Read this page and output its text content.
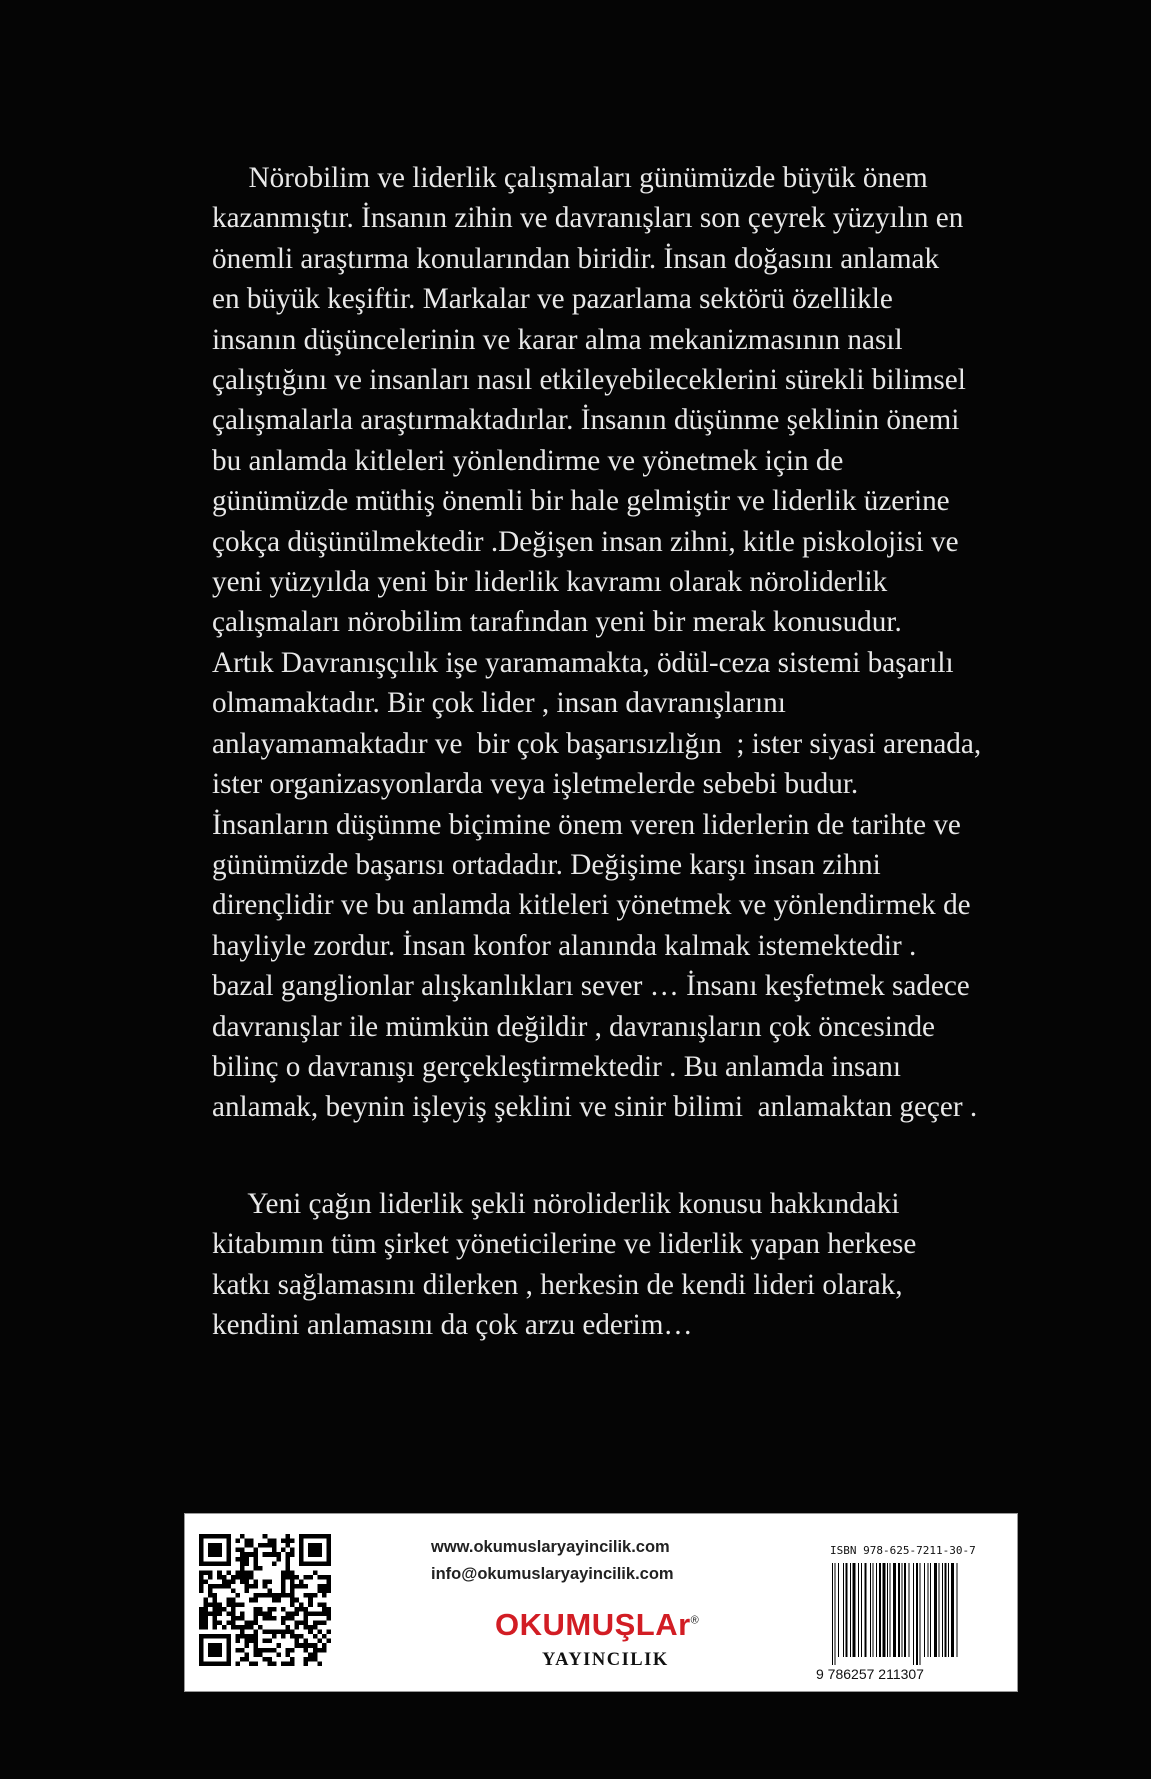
Nörobilim ve liderlik çalışmaları günümüzde büyük önem
kazanmıştır. İnsanın zihin ve davranışları son çeyrek yüzyılın en
önemli araştırma konularından biridir. İnsan doğasını anlamak
en büyük keşiftir. Markalar ve pazarlama sektörü özellikle
insanın düşüncelerinin ve karar alma mekanizmasının nasıl
çalıştığını ve insanları nasıl etkileyebileceklerini sürekli bilimsel
çalışmalarla araştırmaktadırlar. İnsanın düşünme şeklinin önemi
bu anlamda kitleleri yönlendirme ve yönetmek için de
günümüzde müthiş önemli bir hale gelmiştir ve liderlik üzerine
çokça düşünülmektedir .Değişen insan zihni, kitle piskolojisi ve
yeni yüzyılda yeni bir liderlik kavramı olarak nöroliderlik
çalışmaları nörobilim tarafından yeni bir merak konusudur.
Artık Davranışçılık işe yaramamakta, ödül-ceza sistemi başarılı
olmamaktadır. Bir çok lider , insan davranışlarını
anlayamamaktadır ve  bir çok başarısızlığın  ; ister siyasi arenada,
ister organizasyonlarda veya işletmelerde sebebi budur.
İnsanların düşünme biçimine önem veren liderlerin de tarihte ve
günümüzde başarısı ortadadır. Değişime karşı insan zihni
dirençlidir ve bu anlamda kitleleri yönetmek ve yönlendirmek de
hayliyle zordur. İnsan konfor alanında kalmak istemektedir .
bazal ganglionlar alışkanlıkları sever … İnsanı keşfetmek sadece
davranışlar ile mümkün değildir , davranışların çok öncesinde
bilinç o davranışı gerçekleştirmektedir . Bu anlamda insanı
anlamak, beynin işleyiş şeklini ve sinir bilimi  anlamaktan geçer .
Yeni çağın liderlik şekli nöroliderlik konusu hakkındaki
kitabımın tüm şirket yöneticilerine ve liderlik yapan herkese
katkı sağlamasını dilerken , herkesin de kendi lideri olarak,
kendini anlamasını da çok arzu ederim…
www.okumuslaryayincilik.com
info@okumuslaryayincilik.com
OKUMUŞLAr®
YAYINCILIK
ISBN 978-625-7211-30-7
9 786257 211307
